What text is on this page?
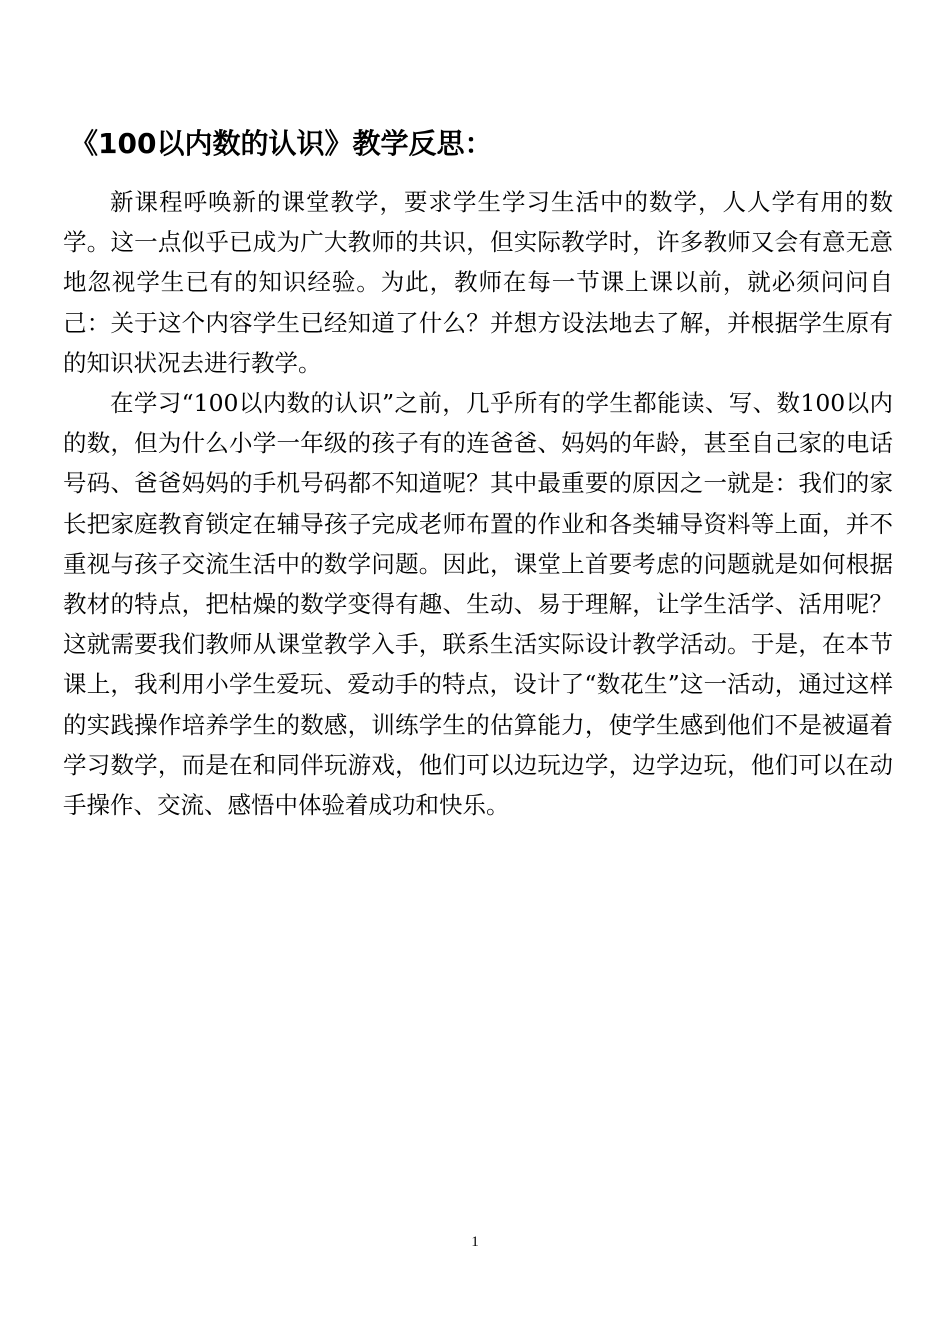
《100以内数的认识》教学反思：

新课程呼唤新的课堂教学，要求学生学习生活中的数学，人人学有用的数学。这一点似乎已成为广大教师的共识，但实际教学时，许多教师又会有意无意地忽视学生已有的知识经验。为此，教师在每一节课上课以前，就必须问问自己：关于这个内容学生已经知道了什么？并想方设法地去了解，并根据学生原有的知识状况去进行教学。

在学习“100以内数的认识”之前，几乎所有的学生都能读、写、数100以内的数，但为什么小学一年级的孩子有的连爸爸、妈妈的年龄，甚至自己家的电话号码、爸爸妈妈的手机号码都不知道呢？其中最重要的原因之一就是：我们的家长把家庭教育锁定在辅导孩子完成老师布置的作业和各类辅导资料等上面，并不重视与孩子交流生活中的数学问题。因此，课堂上首要考虑的问题就是如何根据教材的特点，把枯燥的数学变得有趣、生动、易于理解，让学生活学、活用呢？这就需要我们教师从课堂教学入手，联系生活实际设计教学活动。于是，在本节课上，我利用小学生爱玩、爱动手的特点，设计了“数花生”这一活动，通过这样的实践操作培养学生的数感，训练学生的估算能力，使学生感到他们不是被逼着学习数学，而是在和同伴玩游戏，他们可以边玩边学，边学边玩，他们可以在动手操作、交流、感悟中体验着成功和快乐。

1
